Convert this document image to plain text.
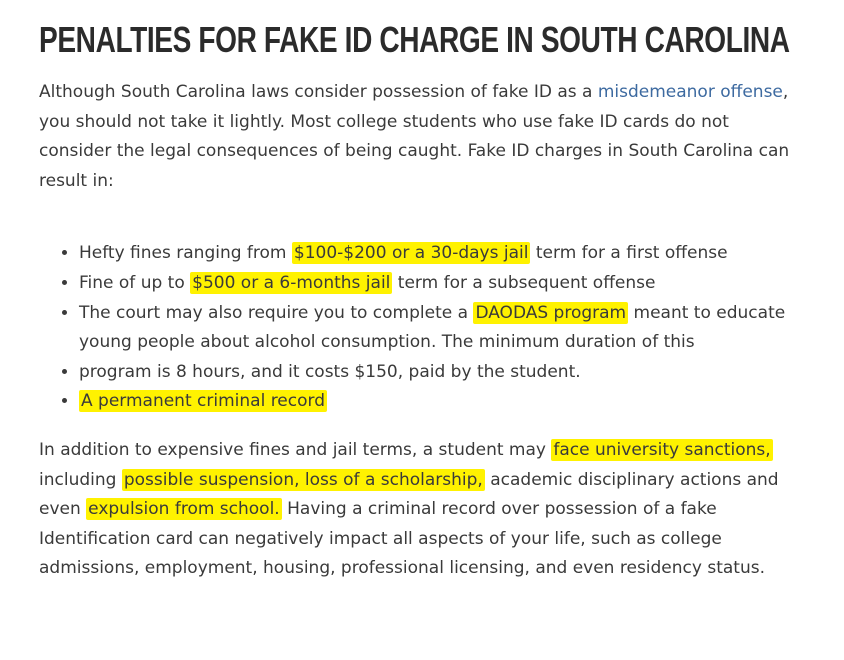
PENALTIES FOR FAKE ID CHARGE IN SOUTH CAROLINA

Although South Carolina laws consider possession of fake ID as a misdemeanor offense, you should not take it lightly. Most college students who use fake ID cards do not consider the legal consequences of being caught. Fake ID charges in South Carolina can result in:

• Hefty fines ranging from $100-$200 or a 30-days jail term for a first offense
• Fine of up to $500 or a 6-months jail term for a subsequent offense
• The court may also require you to complete a DAODAS program meant to educate young people about alcohol consumption. The minimum duration of this
• program is 8 hours, and it costs $150, paid by the student.
• A permanent criminal record

In addition to expensive fines and jail terms, a student may face university sanctions, including possible suspension, loss of a scholarship, academic disciplinary actions and even expulsion from school. Having a criminal record over possession of a fake Identification card can negatively impact all aspects of your life, such as college admissions, employment, housing, professional licensing, and even residency status.
